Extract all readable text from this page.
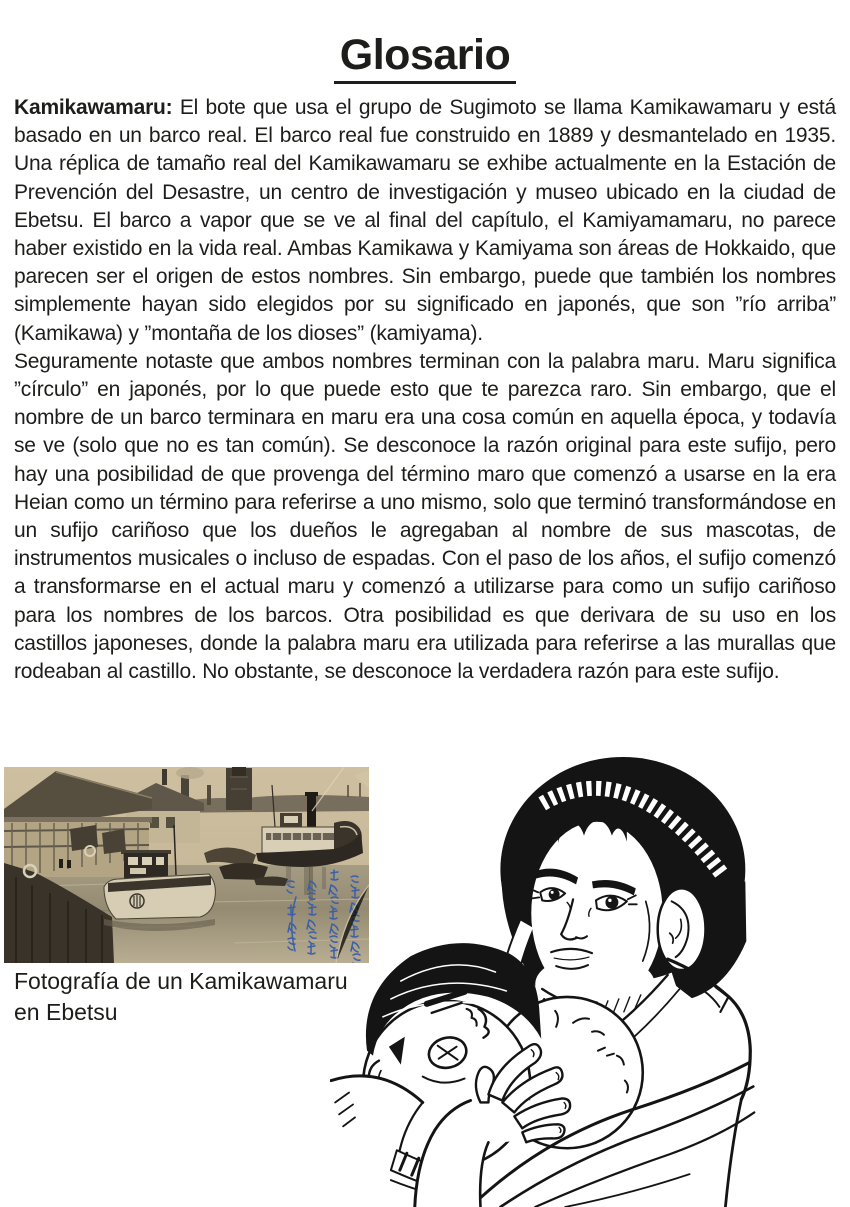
Glosario

Kamikawamaru: El bote que usa el grupo de Sugimoto se llama Kamikawamaru y está basado en un barco real. El barco real fue construido en 1889 y desmantelado en 1935. Una réplica de tamaño real del Kamikawamaru se exhibe actualmente en la Estación de Prevención del Desastre, un centro de investigación y museo ubicado en la ciudad de Ebetsu. El barco a vapor que se ve al final del capítulo, el Kamiyamamaru, no parece haber existido en la vida real. Ambas Kamikawa y Kamiyama son áreas de Hokkaido, que parecen ser el origen de estos nombres. Sin embargo, puede que también los nombres simplemente hayan sido elegidos por su significado en japonés, que son ”río arriba” (Kamikawa) y ”montaña de los dioses” (kamiyama).

Seguramente notaste que ambos nombres terminan con la palabra maru. Maru significa ”círculo” en japonés, por lo que puede esto que te parezca raro. Sin embargo, que el nombre de un barco terminara en maru era una cosa común en aquella época, y todavía se ve (solo que no es tan común). Se desconoce la razón original para este sufijo, pero hay una posibilidad de que provenga del término maro que comenzó a usarse en la era Heian como un término para referirse a uno mismo, solo que terminó transformándose en un sufijo cariñoso que los dueños le agregaban al nombre de sus mascotas, de instrumentos musicales o incluso de espadas. Con el paso de los años, el sufijo comenzó a transformarse en el actual maru y comenzó a utilizarse para como un sufijo cariñoso para los nombres de los barcos. Otra posibilidad es que derivara de su uso en los castillos japoneses, donde la palabra maru era utilizada para referirse a las murallas que rodeaban al castillo. No obstante, se desconoce la verdadera razón para este sufijo.

Fotografía de un Kamikawamaru en Ebetsu
